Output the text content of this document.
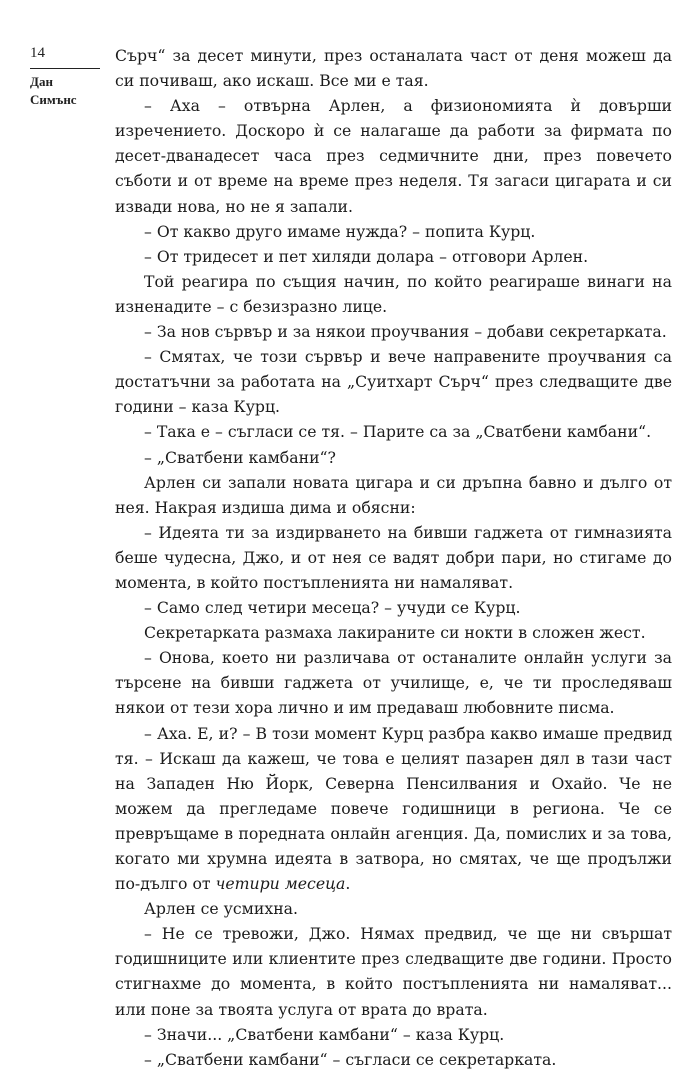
14
Дан
Симънс

Сърч“ за десет минути, през останалата част от деня можеш да си почиваш, ако искаш. Все ми е тая.

– Аха – отвърна Арлен, а физиономията ѝ довърши изречението. Доскоро ѝ се налагаше да работи за фирмата по десет-дванадесет часа през седмичните дни, през повечето съботи и от време на време през неделя. Тя загаси цигарата и си извади нова, но не я запали.

– От какво друго имаме нужда? – попита Курц.

– От тридесет и пет хиляди долара – отговори Арлен.

Той реагира по същия начин, по който реагираше винаги на изненадите – с безизразно лице.

– За нов сървър и за някои проучвания – добави секретарката.

– Смятах, че този сървър и вече направените проучвания са достатъчни за работата на „Суитхарт Сърч“ през следващите две години – каза Курц.

– Така е – съгласи се тя. – Парите са за „Сватбени камбани“.

– „Сватбени камбани“?

Арлен си запали новата цигара и си дръпна бавно и дълго от нея. Накрая издиша дима и обясни:

– Идеята ти за издирването на бивши гаджета от гимназията беше чудесна, Джо, и от нея се вадят добри пари, но стигаме до момента, в който постъпленията ни намаляват.

– Само след четири месеца? – учуди се Курц.

Секретарката размаха лакираните си нокти в сложен жест.

– Онова, което ни различава от останалите онлайн услуги за търсене на бивши гаджета от училище, е, че ти проследяваш някои от тези хора лично и им предаваш любовните писма.

– Аха. Е, и? – В този момент Курц разбра какво имаше предвид тя. – Искаш да кажеш, че това е целият пазарен дял в тази част на Западен Ню Йорк, Северна Пенсилвания и Охайо. Че не можем да прегледаме повече годишници в региона. Че се превръщаме в поредната онлайн агенция. Да, помислих и за това, когато ми хрумна идеята в затвора, но смятах, че ще продължи по-дълго от четири месеца.

Арлен се усмихна.

– Не се тревожи, Джо. Нямах предвид, че ще ни свършат годишниците или клиентите през следващите две години. Просто стигнахме до момента, в който постъпленията ни намаляват... или поне за твоята услуга от врата до врата.

– Значи... „Сватбени камбани“ – каза Курц.

– „Сватбени камбани“ – съгласи се секретарката.
